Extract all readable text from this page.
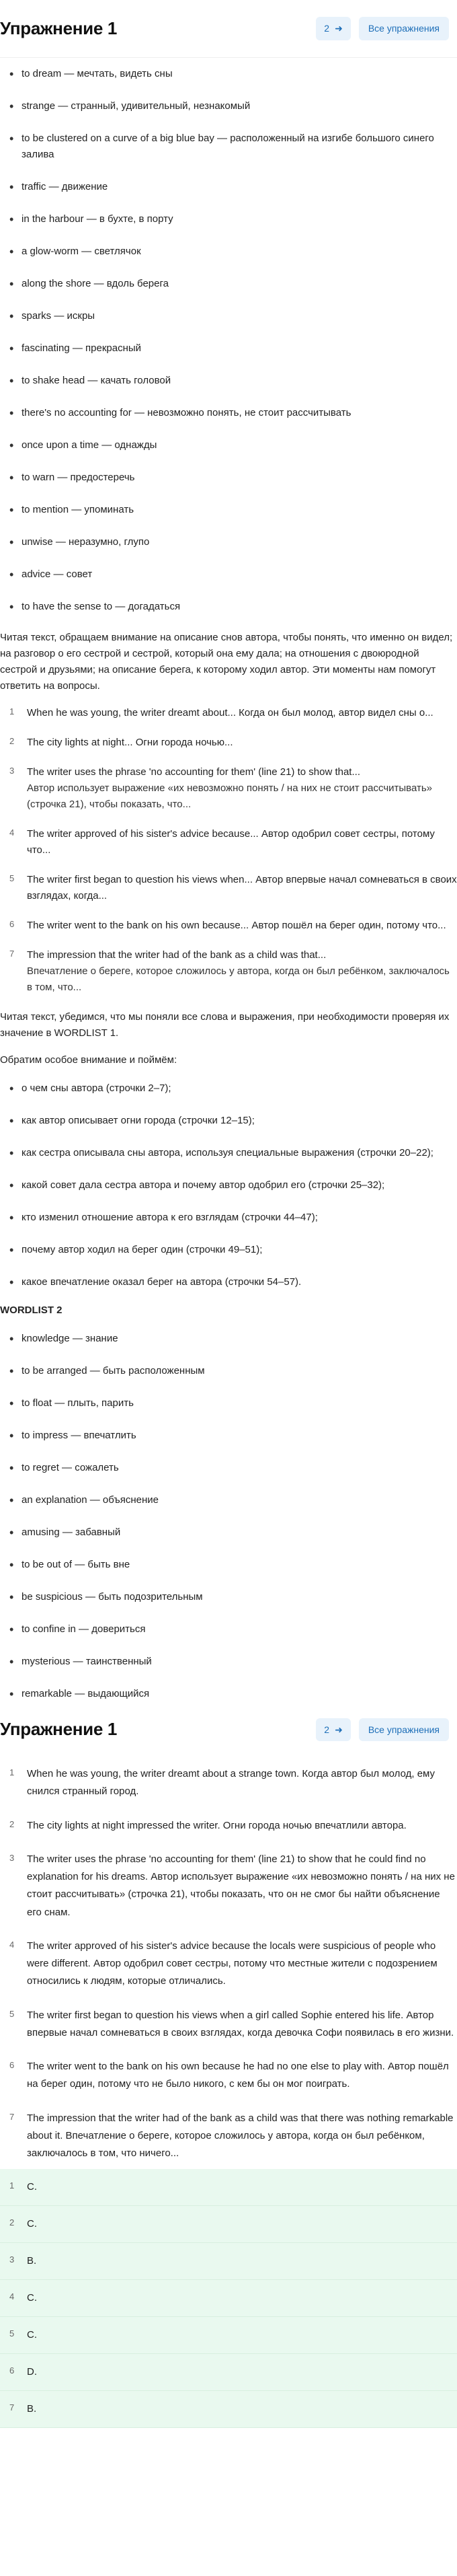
Упражнение 1	2 ➜	Все упражнения
• to dream — мечтать, видеть сны
• strange — странный, удивительный, незнакомый
• to be clustered on a curve of a big blue bay — расположенный на изгибе большого синего залива
• traffic — движение
• in the harbour — в бухте, в порту
• a glow-worm — светлячок
• along the shore — вдоль берега
• sparks — искры
• fascinating — прекрасный
• to shake head — качать головой
• there's no accounting for — невозможно понять, не стоит рассчитывать
• once upon a time — однажды
• to warn — предостеречь
• to mention — упоминать
• unwise — неразумно, глупо
• advice — совет
• to have the sense to — догадаться

Читая текст, обращаем внимание на описание снов автора, чтобы понять, что именно он видел; на разговор о его сестрой и сестрой, который она ему дала; на отношения с двоюродной сестрой и друзьями; на описание берега, к которому ходил автор. Эти моменты нам помогут ответить на вопросы.

1	When he was young, the writer dreamt about... Когда он был молод, автор видел сны о...
2	The city lights at night... Огни города ночью...
3	The writer uses the phrase 'no accounting for them' (line 21) to show that...
Автор использует выражение «их невозможно понять / на них не стоит рассчитывать» (строчка 21), чтобы показать, что...
4	The writer approved of his sister's advice because... Автор одобрил совет сестры, потому что...
5	The writer first began to question his views when... Автор впервые начал сомневаться в своих взглядах, когда...
6	The writer went to the bank on his own because... Автор пошёл на берег один, потому что...
7	The impression that the writer had of the bank as a child was that...
Впечатление о береге, которое сложилось у автора, когда он был ребёнком, заключалось в том, что...

Читая текст, убедимся, что мы поняли все слова и выражения, при необходимости проверяя их значение в WORDLIST 1.

Обратим особое внимание и поймём:

• о чем сны автора (строчки 2–7);
• как автор описывает огни города (строчки 12–15);
• как сестра описывала сны автора, используя специальные выражения (строчки 20–22);
• какой совет дала сестра автора и почему автор одобрил его (строчки 25–32);
• кто изменил отношение автора к его взглядам (строчки 44–47);
• почему автор ходил на берег один (строчки 49–51);
• какое впечатление оказал берег на автора (строчки 54–57).
WORDLIST 2
• knowledge — знание
• to be arranged — быть расположенным
• to float — плыть, парить
• to impress — впечатлить
• to regret — сожалеть
• an explanation — объяснение
• amusing — забавный
• to be out of — быть вне
• be suspicious — быть подозрительным
• to confine in — довериться
• mysterious — таинственный
• remarkable — выдающийся
Упражнение 1	2 ➜	Все упражнения
1	When he was young, the writer dreamt about a strange town. Когда автор был молод, ему снился странный город.
2	The city lights at night impressed the writer. Огни города ночью впечатлили автора.
3	The writer uses the phrase 'no accounting for them' (line 21) to show that he could find no explanation for his dreams. Автор использует выражение «их невозможно понять / на них не стоит рассчитывать» (строчка 21), чтобы показать, что он не смог бы найти объяснение его снам.
4	The writer approved of his sister's advice because the locals were suspicious of people who were different. Автор одобрил совет сестры, потому что местные жители с подозрением относились к людям, которые отличались.
5	The writer first began to question his views when a girl called Sophie entered his life. Автор впервые начал сомневаться в своих взглядах, когда девочка Софи появилась в его жизни.
6	The writer went to the bank on his own because he had no one else to play with. Автор пошёл на берег один, потому что не было никого, с кем бы он мог поиграть.
7	The impression that the writer had of the bank as a child was that there was nothing remarkable about it. Впечатление о береге, которое сложилось у автора, когда он был ребёнком, заключалось в том, что ничего...
1	C.
2	C.
3	B.
4	C.
5	C.
6	D.
7	B.
